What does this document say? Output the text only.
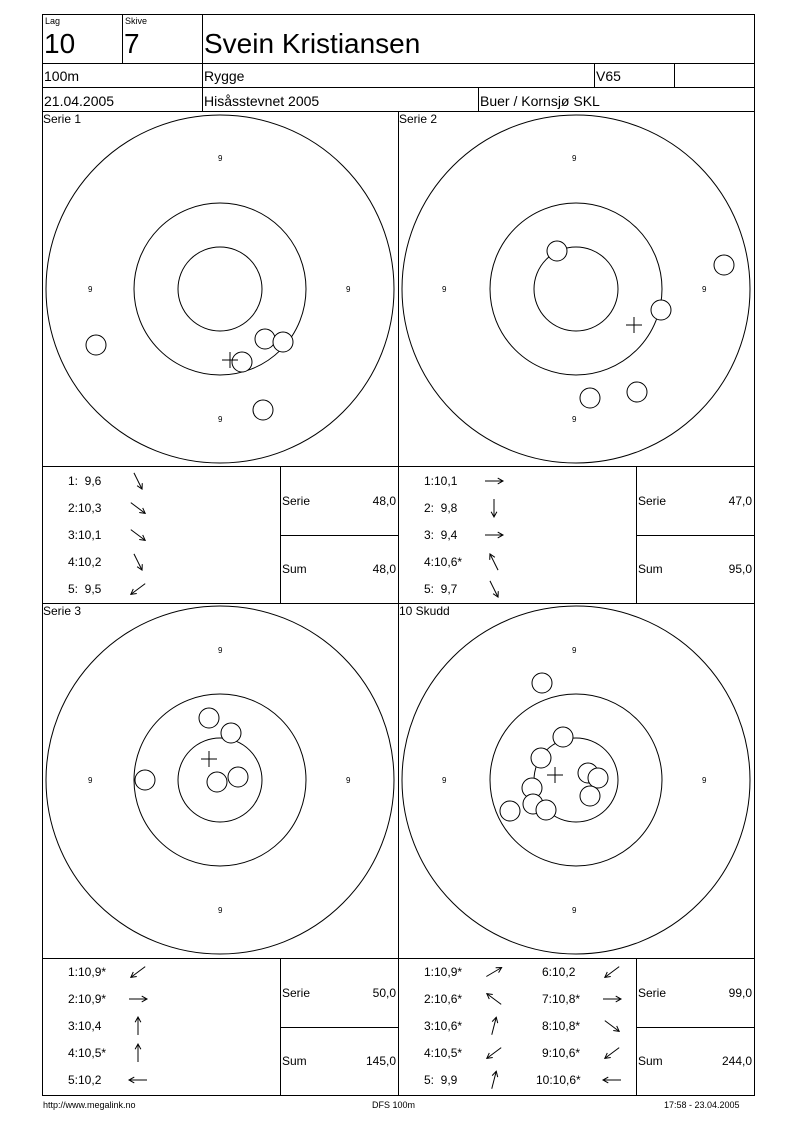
Lag
10
Skive
7 Svein Kristiansen
100m	Rygge	V65
21.04.2005	Hisåsstevnet 2005	Buer / Kornsjø SKL
Serie 1	Serie 2
Serie 3	10 Skudd
9
9
9	9
9
9
9	9
9
9
9	9
9
9
9	9
1:  9,6
2:10,3
3:10,1
4:10,2
5:  9,5
Serie	48,0
Sum	48,0
1:10,1
2:  9,8
3:  9,4
4:10,6*
5:  9,7
Serie	47,0
Sum	95,0
1:10,9*
2:10,9*
3:10,4
4:10,5*
5:10,2
Serie	50,0
Sum	145,0
1:10,9*
2:10,6*
3:10,6*
4:10,5*
5:  9,9
6:10,2
7:10,8*
8:10,8*
9:10,6*
10:10,6*
Serie	99,0
Sum	244,0
http://www.megalink.no	DFS 100m	17:58 - 23.04.2005
